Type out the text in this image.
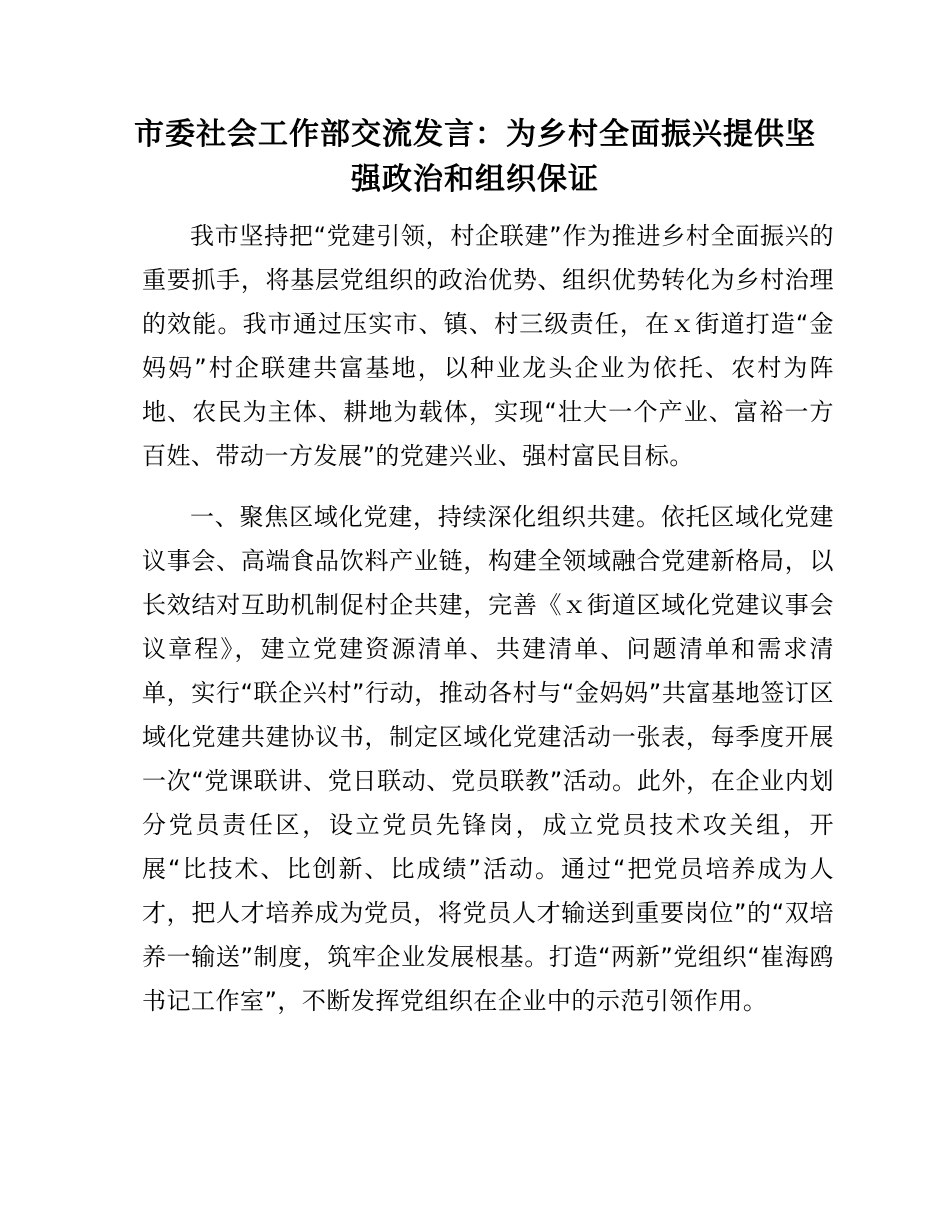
市委社会工作部交流发言：为乡村全面振兴提供坚强政治和组织保证

我市坚持把“党建引领，村企联建”作为推进乡村全面振兴的重要抓手，将基层党组织的政治优势、组织优势转化为乡村治理的效能。我市通过压实市、镇、村三级责任，在ｘ街道打造“金妈妈”村企联建共富基地，以种业龙头企业为依托、农村为阵地、农民为主体、耕地为载体，实现“壮大一个产业、富裕一方百姓、带动一方发展”的党建兴业、强村富民目标。

一、聚焦区域化党建，持续深化组织共建。依托区域化党建议事会、高端食品饮料产业链，构建全领域融合党建新格局，以长效结对互助机制促村企共建，完善《ｘ街道区域化党建议事会议章程》，建立党建资源清单、共建清单、问题清单和需求清单，实行“联企兴村”行动，推动各村与“金妈妈”共富基地签订区域化党建共建协议书，制定区域化党建活动一张表，每季度开展一次“党课联讲、党日联动、党员联教”活动。此外，在企业内划分党员责任区，设立党员先锋岗，成立党员技术攻关组，开展“比技术、比创新、比成绩”活动。通过“把党员培养成为人才，把人才培养成为党员，将党员人才输送到重要岗位”的“双培养一输送”制度，筑牢企业发展根基。打造“两新”党组织“崔海鸥书记工作室”，不断发挥党组织在企业中的示范引领作用。
